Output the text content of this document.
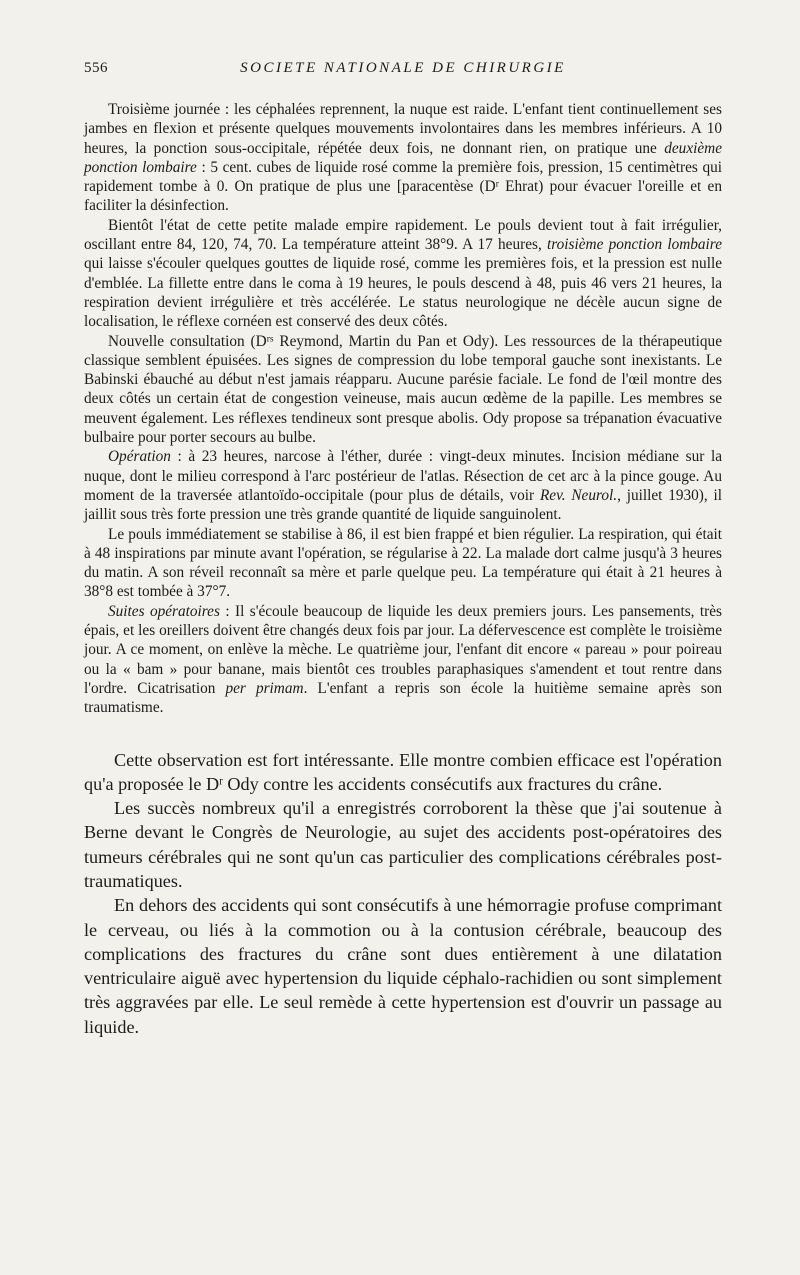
556	SOCIETE NATIONALE DE CHIRURGIE

Troisième journée : les céphalées reprennent, la nuque est raide. L'enfant tient continuellement ses jambes en flexion et présente quelques mouvements involontaires dans les membres inférieurs. A 10 heures, la ponction sous-occipitale, répétée deux fois, ne donnant rien, on pratique une deuxième ponction lombaire : 5 cent. cubes de liquide rosé comme la première fois, pression, 15 centimètres qui rapidement tombe à 0. On pratique de plus une [paracentèse ($D^r$ Ehrat) pour évacuer l'oreille et en faciliter la désinfection.

Bientôt l'état de cette petite malade empire rapidement. Le pouls devient tout à fait irrégulier, oscillant entre 84, 120, 74, 70. La température atteint 38°9. A 17 heures, troisième ponction lombaire qui laisse s'écouler quelques gouttes de liquide rosé, comme les premières fois, et la pression est nulle d'emblée. La fillette entre dans le coma à 19 heures, le pouls descend à 48, puis 46 vers 21 heures, la respiration devient irrégulière et très accélérée. Le status neurologique ne décèle aucun signe de localisation, le réflexe cornéen est conservé des deux côtés.

Nouvelle consultation ($D^{rs}$ Reymond, Martin du Pan et Ody). Les ressources de la thérapeutique classique semblent épuisées. Les signes de compression du lobe temporal gauche sont inexistants. Le Babinski ébauché au début n'est jamais réapparu. Aucune parésie faciale. Le fond de l'œil montre des deux côtés un certain état de congestion veineuse, mais aucun œdème de la papille. Les membres se meuvent également. Les réflexes tendineux sont presque abolis. Ody propose sa trépanation évacuative bulbaire pour porter secours au bulbe.

Opération : à 23 heures, narcose à l'éther, durée : vingt-deux minutes. Incision médiane sur la nuque, dont le milieu correspond à l'arc postérieur de l'atlas. Résection de cet arc à la pince gouge. Au moment de la traversée atlantoïdo-occipitale (pour plus de détails, voir Rev. Neurol., juillet 1930), il jaillit sous très forte pression une très grande quantité de liquide sanguinolent.

Le pouls immédiatement se stabilise à 86, il est bien frappé et bien régulier. La respiration, qui était à 48 inspirations par minute avant l'opération, se régularise à 22. La malade dort calme jusqu'à 3 heures du matin. A son réveil reconnaît sa mère et parle quelque peu. La température qui était à 21 heures à 38°8 est tombée à 37°7.

Suites opératoires : Il s'écoule beaucoup de liquide les deux premiers jours. Les pansements, très épais, et les oreillers doivent être changés deux fois par jour. La défervescence est complète le troisième jour. A ce moment, on enlève la mèche. Le quatrième jour, l'enfant dit encore « pareau » pour poireau ou la « bam » pour banane, mais bientôt ces troubles paraphasiques s'amendent et tout rentre dans l'ordre. Cicatrisation per primam. L'enfant a repris son école la huitième semaine après son traumatisme.

Cette observation est fort intéressante. Elle montre combien efficace est l'opération qu'a proposée le $D^r$ Ody contre les accidents consécutifs aux fractures du crâne.

Les succès nombreux qu'il a enregistrés corroborent la thèse que j'ai soutenue à Berne devant le Congrès de Neurologie, au sujet des accidents post-opératoires des tumeurs cérébrales qui ne sont qu'un cas particulier des complications cérébrales post-traumatiques.

En dehors des accidents qui sont consécutifs à une hémorragie profuse comprimant le cerveau, ou liés à la commotion ou à la contusion cérébrale, beaucoup des complications des fractures du crâne sont dues entièrement à une dilatation ventriculaire aiguë avec hypertension du liquide céphalo-rachidien ou sont simplement très aggravées par elle. Le seul remède à cette hypertension est d'ouvrir un passage au liquide.
